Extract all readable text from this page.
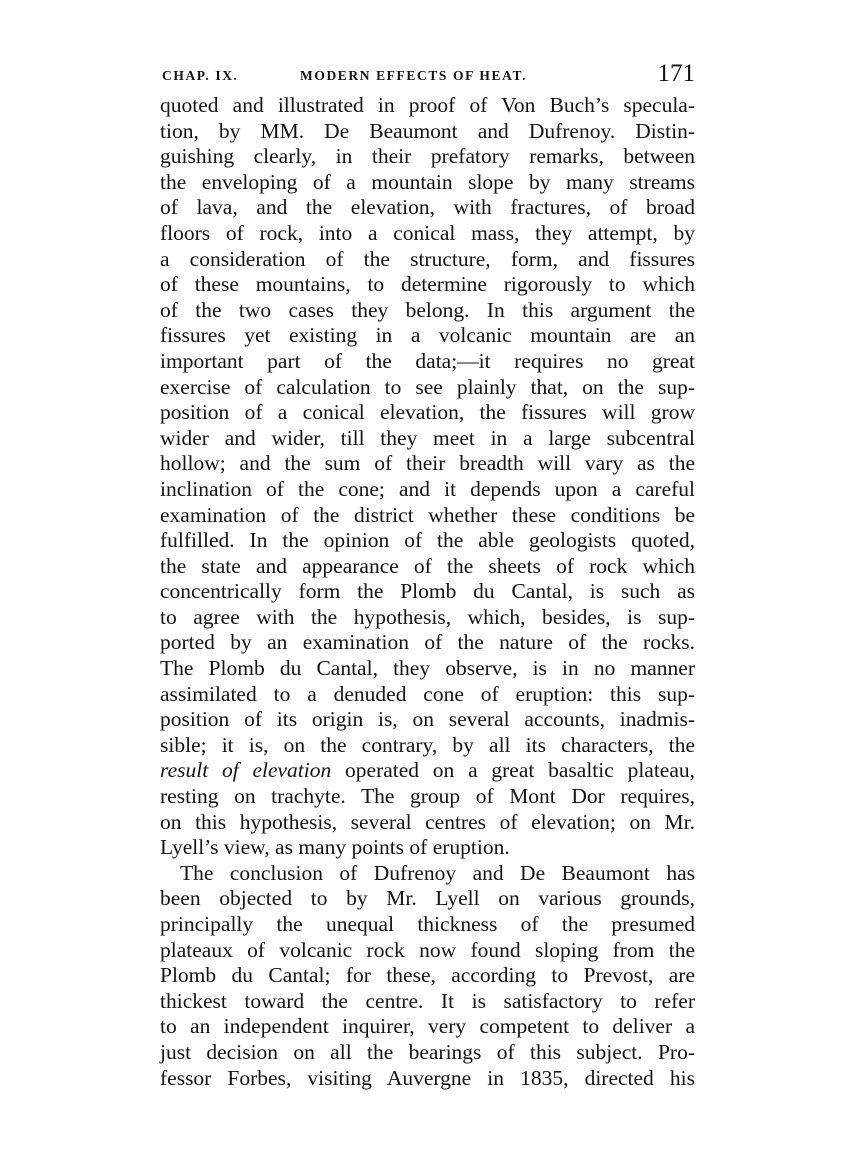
CHAP. IX.	MODERN EFFECTS OF HEAT.	171
quoted and illustrated in proof of Von Buch’s specula-
tion, by MM. De Beaumont and Dufrenoy. Distin-
guishing clearly, in their prefatory remarks, between
the enveloping of a mountain slope by many streams
of lava, and the elevation, with fractures, of broad
floors of rock, into a conical mass, they attempt, by
a consideration of the structure, form, and fissures
of these mountains, to determine rigorously to which
of the two cases they belong. In this argument the
fissures yet existing in a volcanic mountain are an
important part of the data;—it requires no great
exercise of calculation to see plainly that, on the sup-
position of a conical elevation, the fissures will grow
wider and wider, till they meet in a large subcentral
hollow; and the sum of their breadth will vary as the
inclination of the cone; and it depends upon a careful
examination of the district whether these conditions be
fulfilled. In the opinion of the able geologists quoted,
the state and appearance of the sheets of rock which
concentrically form the Plomb du Cantal, is such as
to agree with the hypothesis, which, besides, is sup-
ported by an examination of the nature of the rocks.
The Plomb du Cantal, they observe, is in no manner
assimilated to a denuded cone of eruption: this sup-
position of its origin is, on several accounts, inadmis-
sible; it is, on the contrary, by all its characters, the
result of elevation operated on a great basaltic plateau,
resting on trachyte. The group of Mont Dor requires,
on this hypothesis, several centres of elevation; on Mr.
Lyell’s view, as many points of eruption.
The conclusion of Dufrenoy and De Beaumont has
been objected to by Mr. Lyell on various grounds,
principally the unequal thickness of the presumed
plateaux of volcanic rock now found sloping from the
Plomb du Cantal; for these, according to Prevost, are
thickest toward the centre. It is satisfactory to refer
to an independent inquirer, very competent to deliver a
just decision on all the bearings of this subject. Pro-
fessor Forbes, visiting Auvergne in 1835, directed his
